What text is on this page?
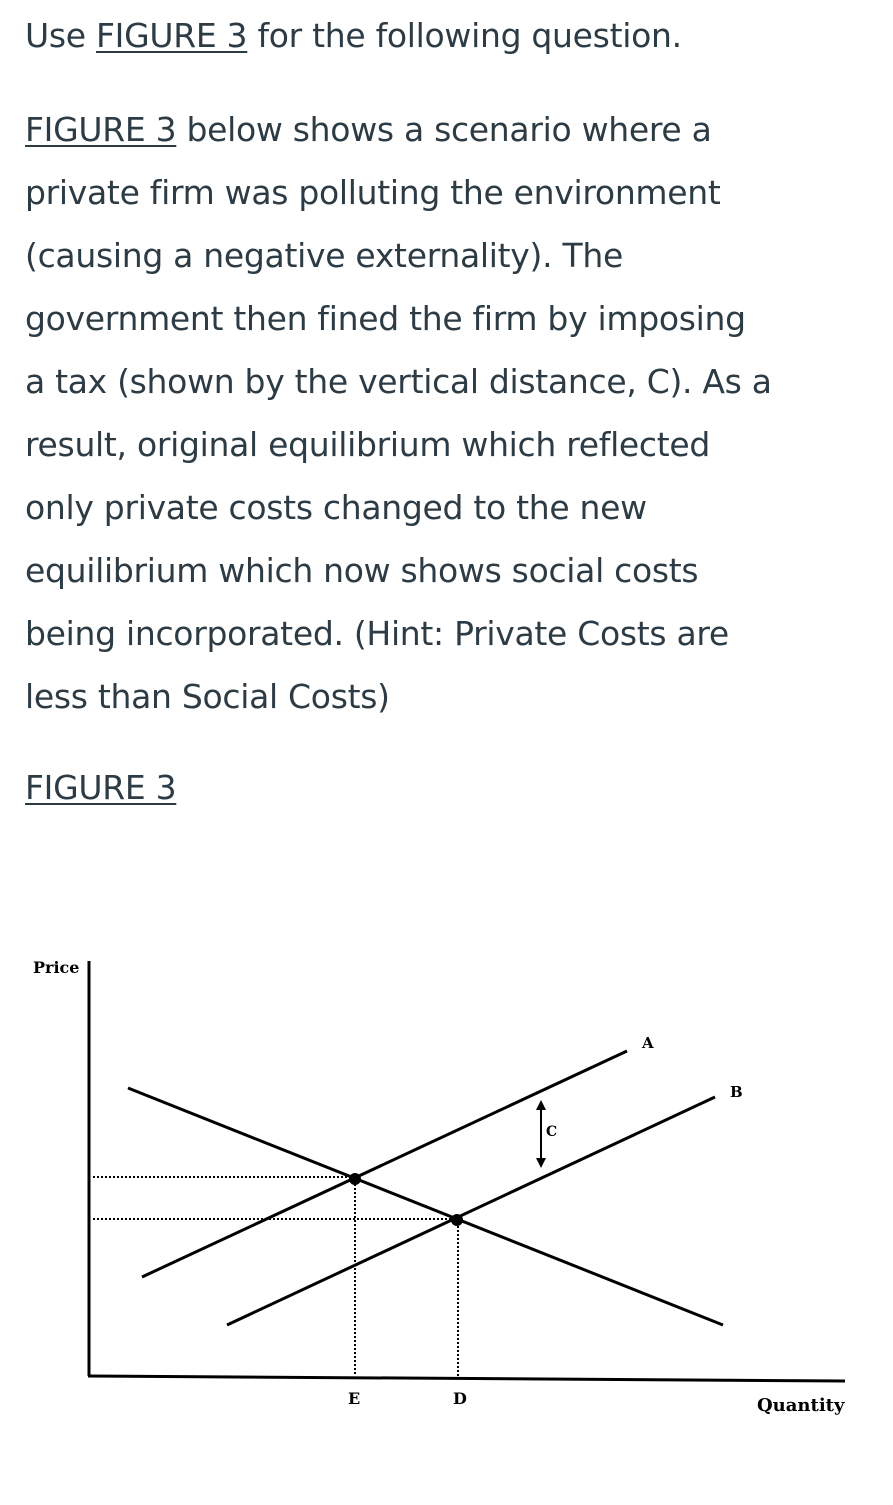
Use FIGURE 3 for the following question.
FIGURE 3 below shows a scenario where a
private firm was polluting the environment
(causing a negative externality). The
government then fined the firm by imposing
a tax (shown by the vertical distance, C). As a
result, original equilibrium which reflected
only private costs changed to the new
equilibrium which now shows social costs
being incorporated. (Hint: Private Costs are
less than Social Costs)
FIGURE 3
Price
Quantity
A
B
C
E	D
